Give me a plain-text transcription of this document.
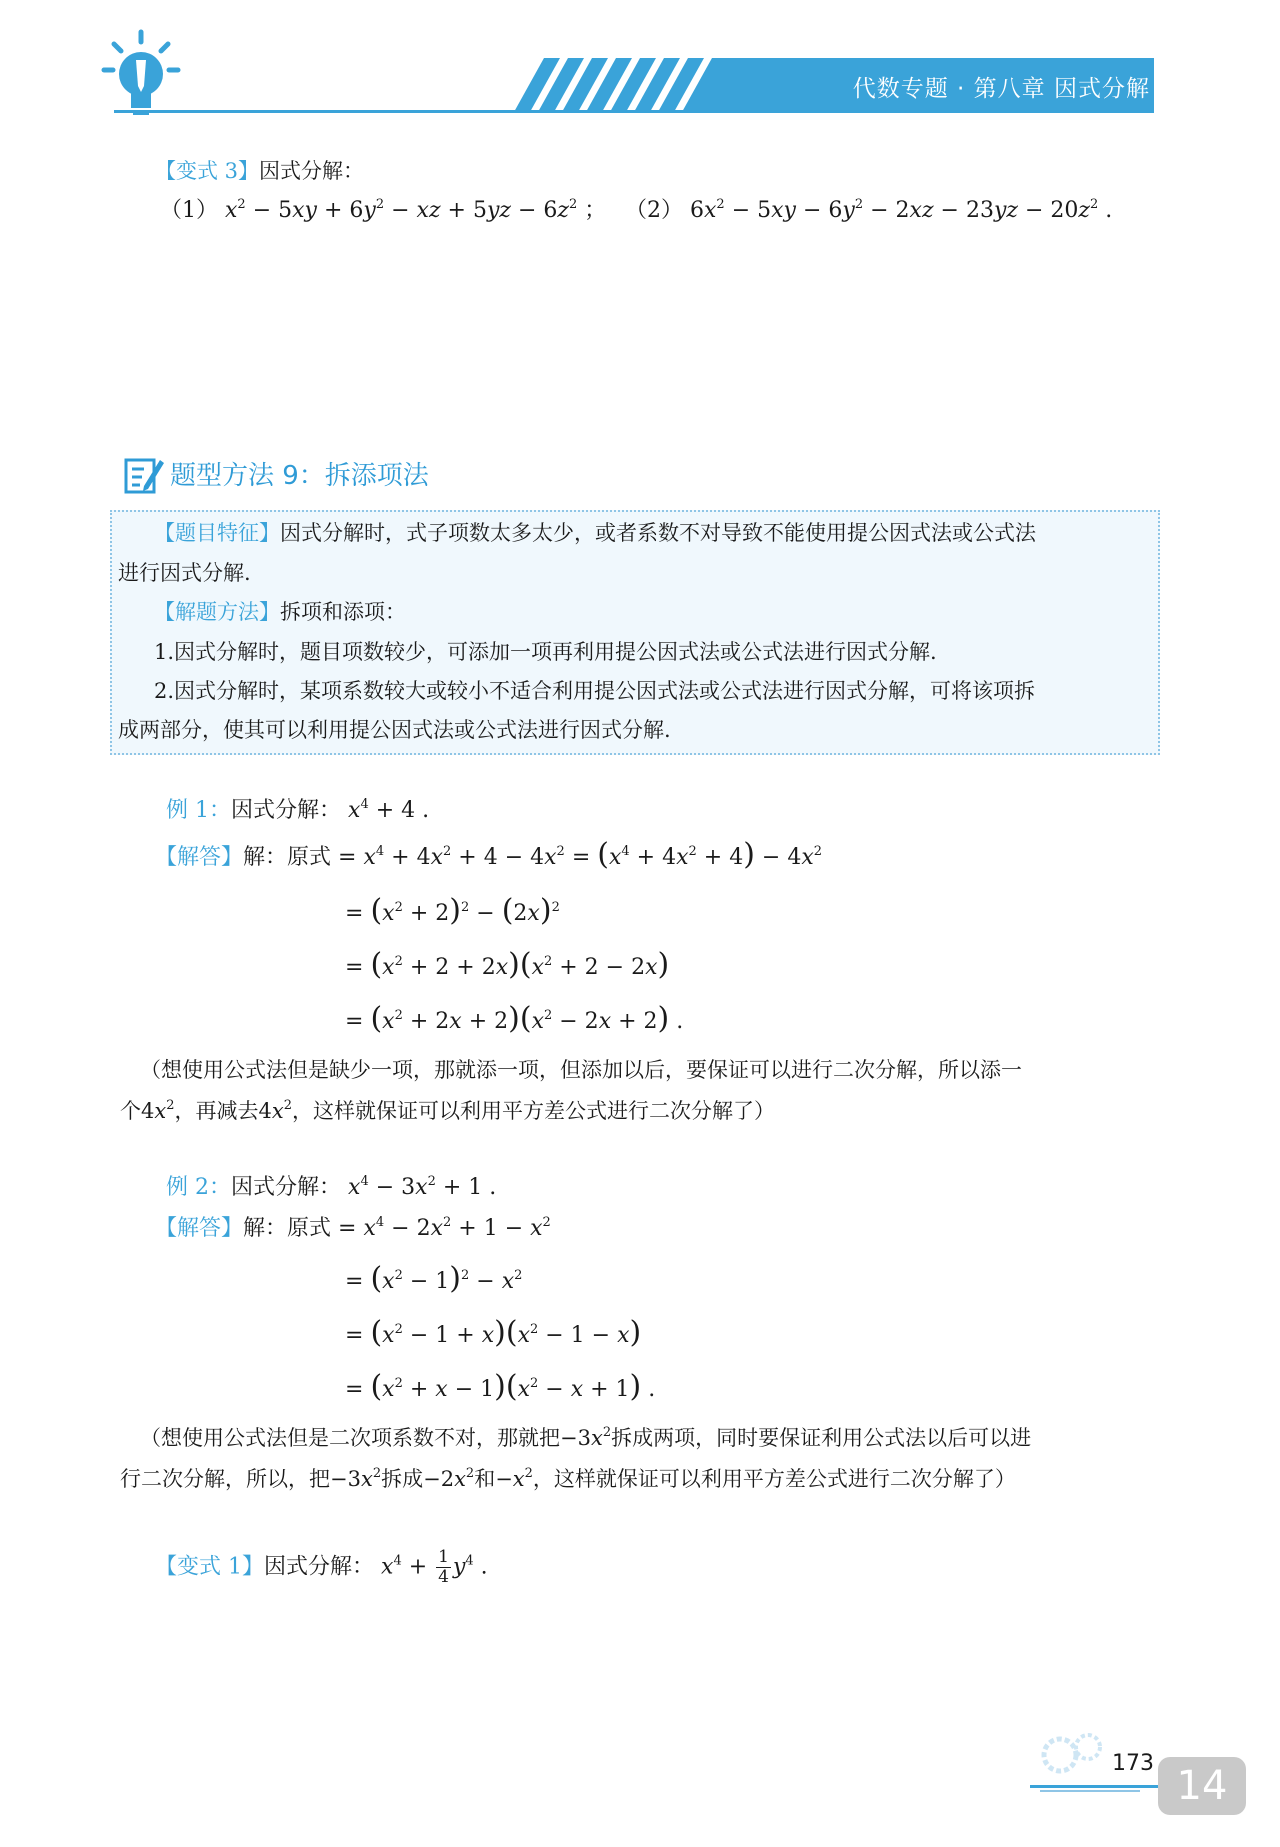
代数专题 · 第八章 因式分解
【变式 3】因式分解：
（1） $x^2 - 5xy + 6y^2$ − xz + $5yz - 6z^2$ ； （2） $6x^2 - 5xy - 6y^2 - 2xz - 23yz - 20z^2$ .
题型方法 9：拆添项法
【题目特征】因式分解时，式子项数太多太少，或者系数不对导致不能使用提公因式法或公式法
进行因式分解.
【解题方法】拆项和添项：
1.因式分解时，题目项数较少，可添加一项再利用提公因式法或公式法进行因式分解.
2.因式分解时，某项系数较大或较小不适合利用提公因式法或公式法进行因式分解，可将该项拆
成两部分，使其可以利用提公因式法或公式法进行因式分解.
例 1：因式分解： $x^4 + 4$ .
【解答】解：原式 = $x^4 + 4x^2 + 4 - 4x^2 = (x^4 + 4x^2 + 4) - 4x^2$
= $(x^2 + 2)^2 - (2x)^2$
= $(x^2 + 2 + 2x)(x^2 + 2 - 2x)$
= $(x^2 + 2x + 2)(x^2 - 2x + 2)$ .
（想使用公式法但是缺少一项，那就添一项，但添加以后，要保证可以进行二次分解，所以添一
个$4x^2$，再减去$4x^2$，这样就保证可以利用平方差公式进行二次分解了）
例 2：因式分解： $x^4 - 3x^2 + 1$ .
【解答】解：原式 = $x^4 - 2x^2 + 1 - x^2$
= $(x^2 - 1)^2 - x^2$
= $(x^2 - 1 + x)(x^2 - 1 - x)$
= $(x^2 + x - 1)(x^2 - x + 1)$ .
（想使用公式法但是二次项系数不对，那就把$-3x^2$拆成两项，同时要保证利用公式法以后可以进
行二次分解，所以，把$-3x^2$拆成$-2x^2$和$-x^2$，这样就保证可以利用平方差公式进行二次分解了）
【变式 1】因式分解： $x^4 + \frac{1}{4} y^4$ .
173 14
